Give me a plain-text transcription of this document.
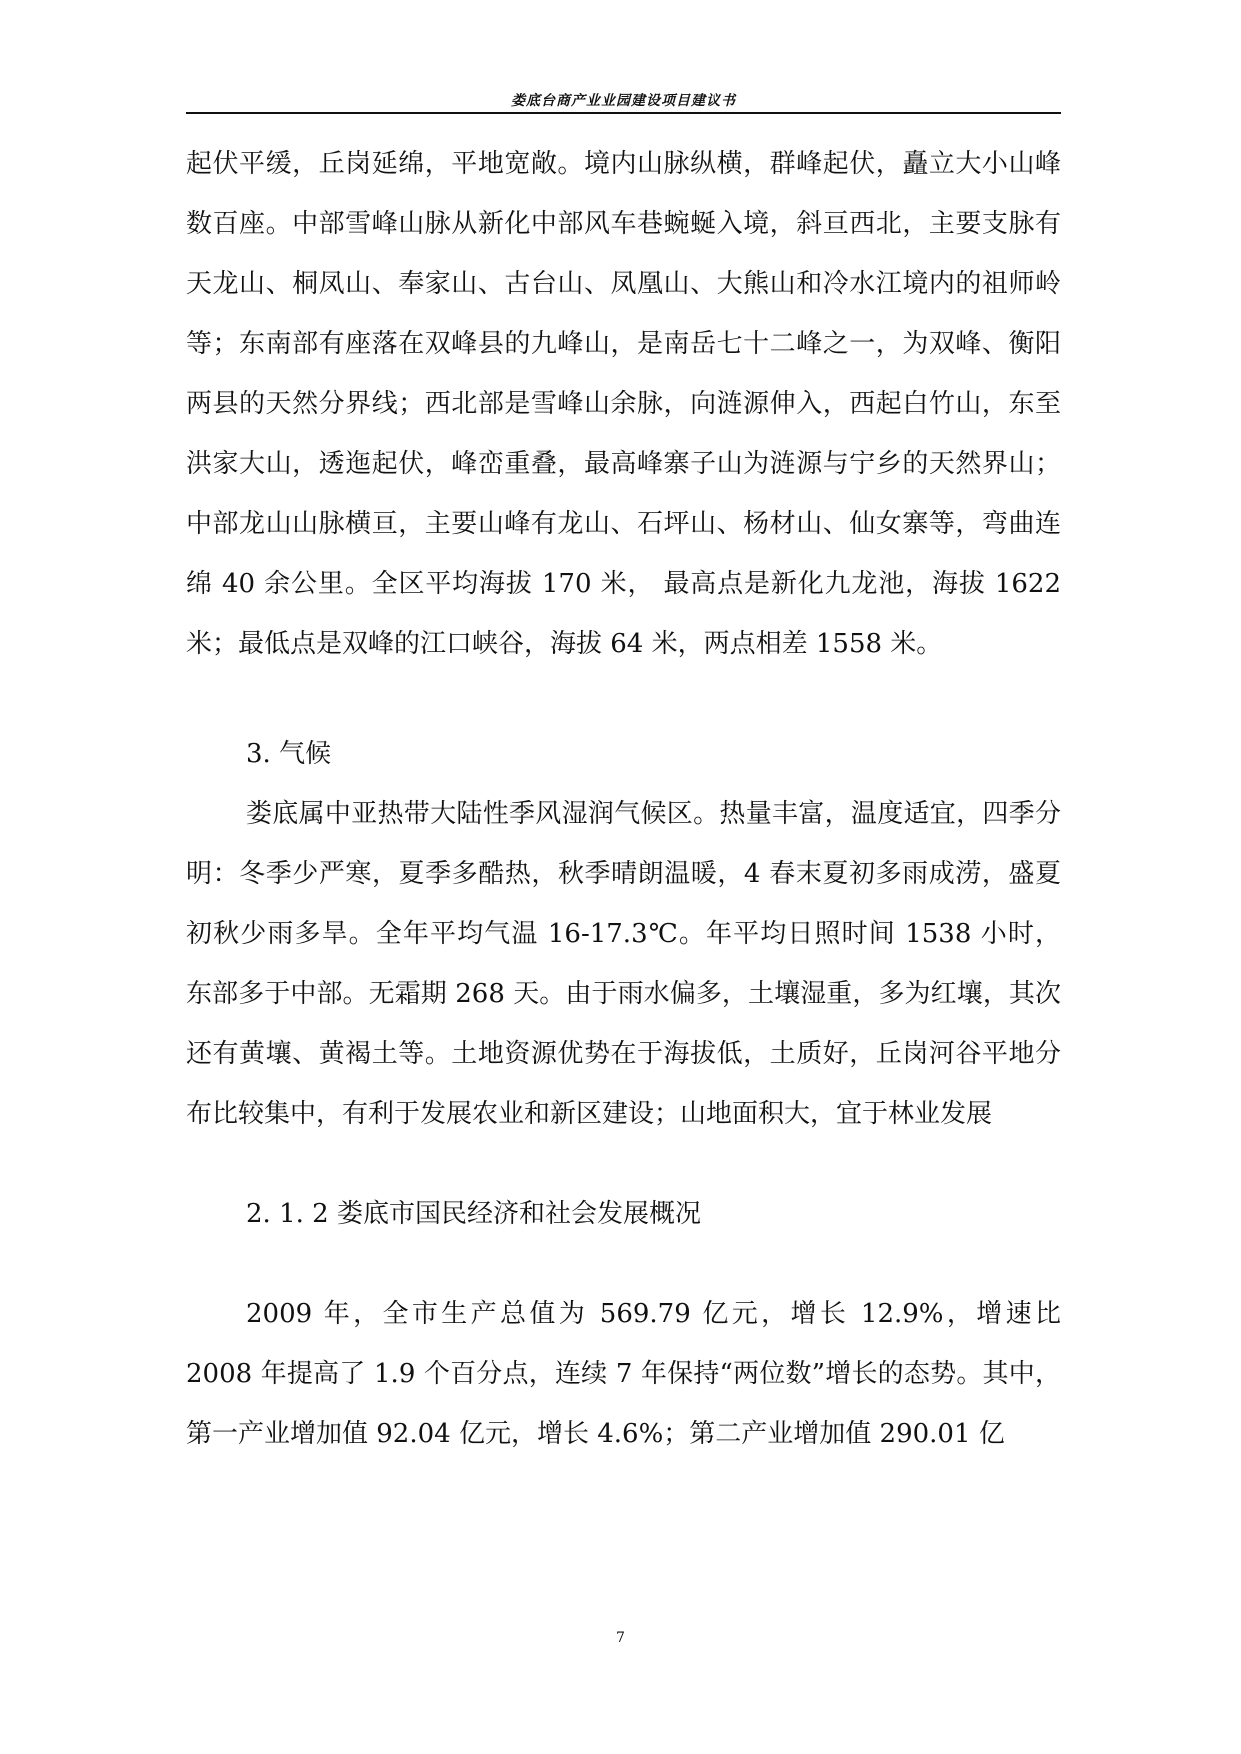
娄底台商产业业园建设项目建议书

起伏平缓，丘岗延绵，平地宽敞。境内山脉纵横，群峰起伏，矗立大小山峰数百座。中部雪峰山脉从新化中部风车巷蜿蜒入境，斜亘西北，主要支脉有天龙山、桐凤山、奉家山、古台山、凤凰山、大熊山和冷水江境内的祖师岭等；东南部有座落在双峰县的九峰山，是南岳七十二峰之一，为双峰、衡阳两县的天然分界线；西北部是雪峰山余脉，向涟源伸入，西起白竹山，东至洪家大山，透迤起伏，峰峦重叠，最高峰寨子山为涟源与宁乡的天然界山；中部龙山山脉横亘，主要山峰有龙山、石坪山、杨材山、仙女寨等，弯曲连绵 40 余公里。全区平均海拔 170 米， 最高点是新化九龙池，海拔 1622 米；最低点是双峰的江口峡谷，海拔 64 米，两点相差 1558 米。

3. 气候

娄底属中亚热带大陆性季风湿润气候区。热量丰富，温度适宜，四季分明：冬季少严寒，夏季多酷热，秋季晴朗温暖，4 春末夏初多雨成涝，盛夏初秋少雨多旱。全年平均气温 16-17.3℃。年平均日照时间 1538 小时， 东部多于中部。无霜期 268 天。由于雨水偏多，土壤湿重，多为红壤，其次还有黄壤、黄褐土等。土地资源优势在于海拔低，土质好，丘岗河谷平地分布比较集中，有利于发展农业和新区建设；山地面积大，宜于林业发展

2. 1. 2 娄底市国民经济和社会发展概况

2009 年，全市生产总值为 569.79 亿元，增长 12.9%，增速比 2008 年提高了 1.9 个百分点，连续 7 年保持“两位数”增长的态势。其中，第一产业增加值 92.04 亿元，增长 4.6%；第二产业增加值 290.01 亿

7
